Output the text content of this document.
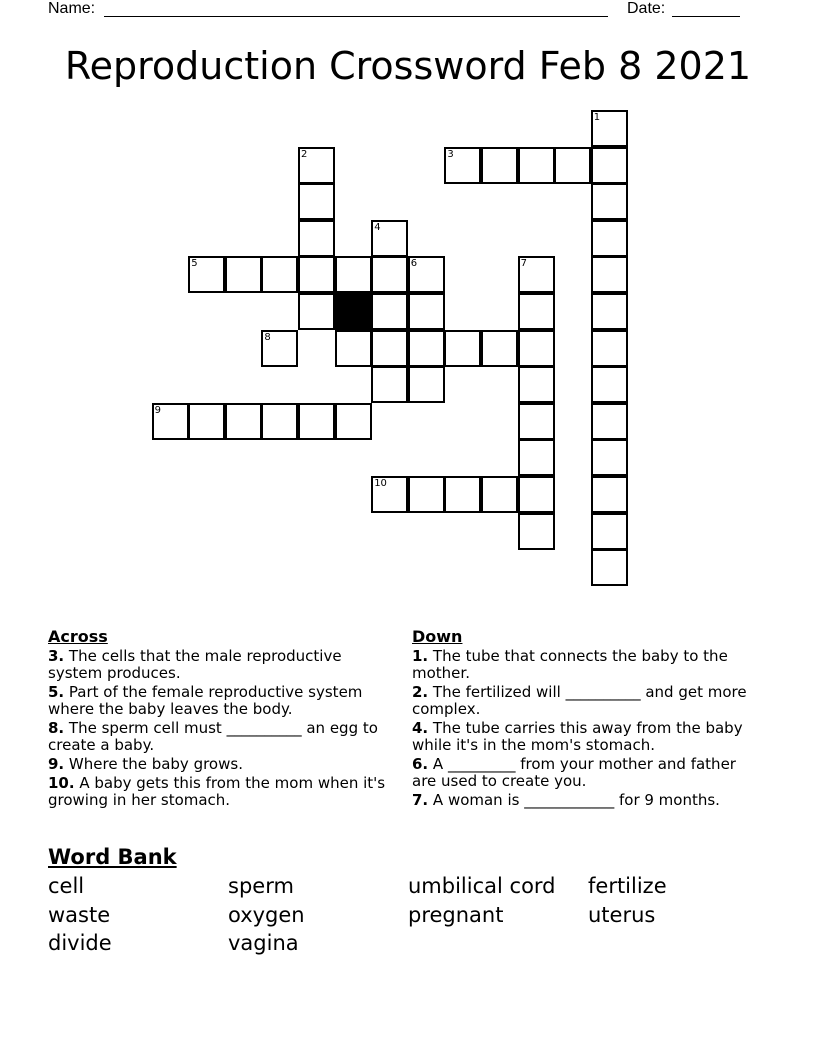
Name:	Date:
Reproduction Crossword Feb 8 2021
1
3
2
4
5	6	7
8
9
10
Across
3. The cells that the male reproductive system produces.
5. Part of the female reproductive system where the baby leaves the body.
8. The sperm cell must __________ an egg to create a baby.
9. Where the baby grows.
10. A baby gets this from the mom when it's growing in her stomach.
Down
1. The tube that connects the baby to the mother.
2. The fertilized will __________ and get more complex.
4. The tube carries this away from the baby while it's in the mom's stomach.
6. A _________ from your mother and father are used to create you.
7. A woman is ____________ for 9 months.
Word Bank
cell	sperm	umbilical cord	fertilize
waste	oxygen	pregnant	uterus
divide	vagina
